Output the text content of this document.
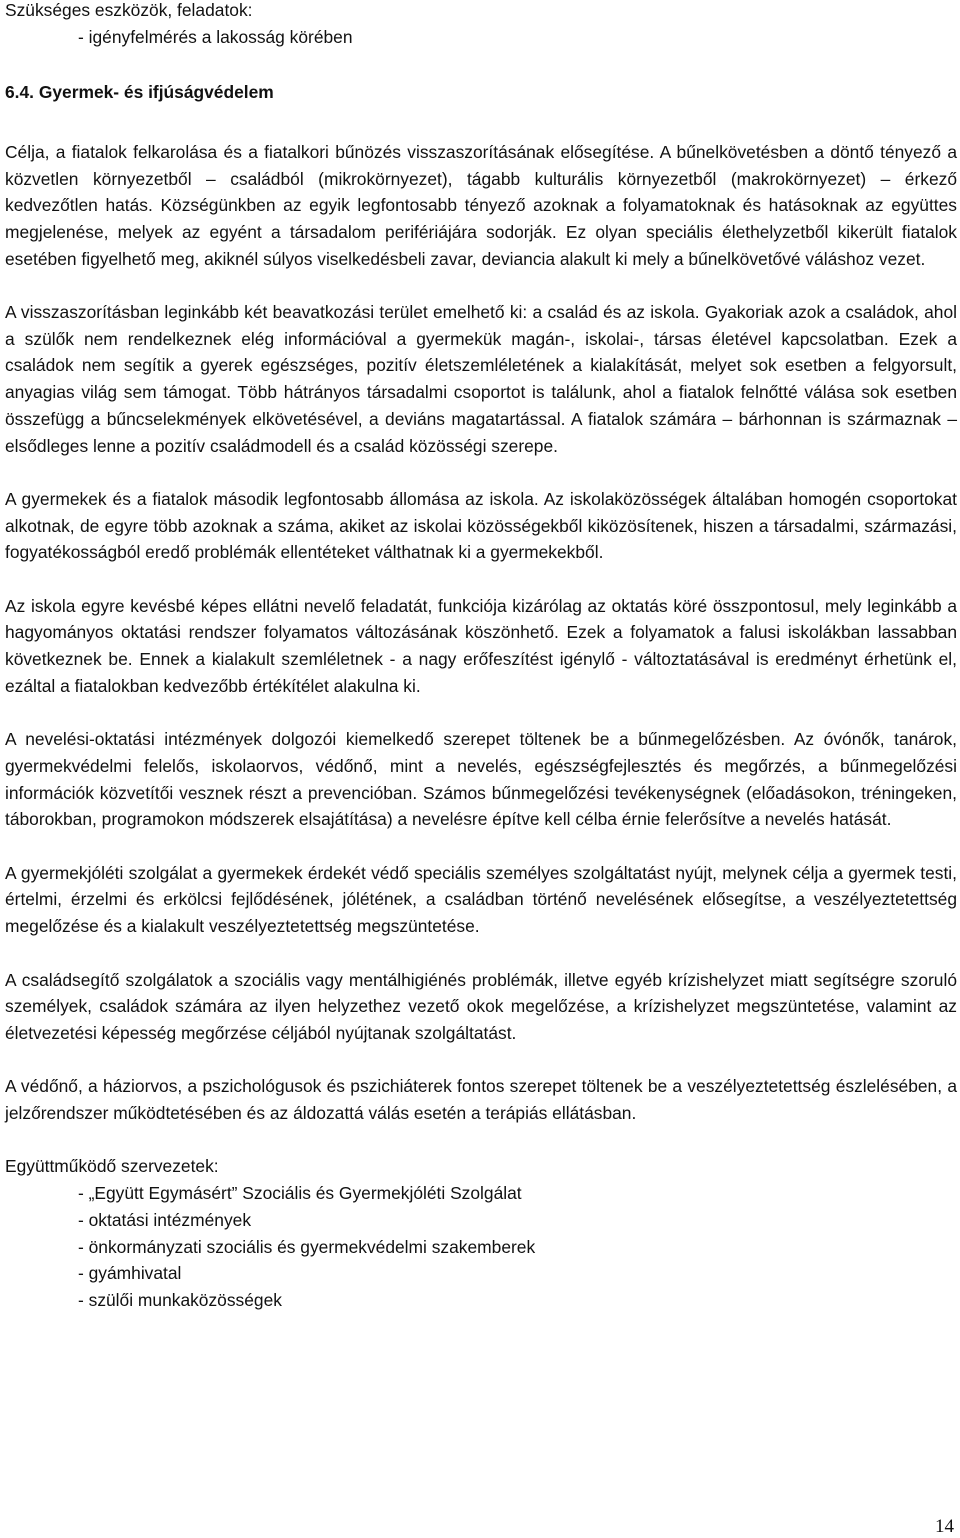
Szükséges eszközök, feladatok:

- igényfelmérés a lakosság körében

6.4. Gyermek- és ifjúságvédelem

Célja, a fiatalok felkarolása és a fiatalkori bűnözés visszaszorításának elősegítése. A bűnelkövetésben a döntő tényező a közvetlen környezetből – családból (mikrokörnyezet), tágabb kulturális környezetből (makrokörnyezet) – érkező kedvezőtlen hatás. Községünkben az egyik legfontosabb tényező azoknak a folyamatoknak és hatásoknak az együttes megjelenése, melyek az egyént a társadalom perifériájára sodorják. Ez olyan speciális élethelyzetből kikerült fiatalok esetében figyelhető meg, akiknél súlyos viselkedésbeli zavar, deviancia alakult ki mely a bűnelkövetővé váláshoz vezet.

A visszaszorításban leginkább két beavatkozási terület emelhető ki: a család és az iskola. Gyakoriak azok a családok, ahol a szülők nem rendelkeznek elég információval a gyermekük magán-, iskolai-, társas életével kapcsolatban. Ezek a családok nem segítik a gyerek egészséges, pozitív életszemléletének a kialakítását, melyet sok esetben a felgyorsult, anyagias világ sem támogat. Több hátrányos társadalmi csoportot is találunk, ahol a fiatalok felnőtté válása sok esetben összefügg a bűncselekmények elkövetésével, a deviáns magatartással. A fiatalok számára – bárhonnan is származnak – elsődleges lenne a pozitív családmodell és a család közösségi szerepe.

A gyermekek és a fiatalok második legfontosabb állomása az iskola. Az iskolaközösségek általában homogén csoportokat alkotnak, de egyre több azoknak a száma, akiket az iskolai közösségekből kiközösítenek, hiszen a társadalmi, származási, fogyatékosságból eredő problémák ellentéteket válthatnak ki a gyermekekből.

Az iskola egyre kevésbé képes ellátni nevelő feladatát, funkciója kizárólag az oktatás köré összpontosul, mely leginkább a hagyományos oktatási rendszer folyamatos változásának köszönhető. Ezek a folyamatok a falusi iskolákban lassabban következnek be. Ennek a kialakult szemléletnek - a nagy erőfeszítést igénylő - változtatásával is eredményt érhetünk el, ezáltal a fiatalokban kedvezőbb értékítélet alakulna ki.

A nevelési-oktatási intézmények dolgozói kiemelkedő szerepet töltenek be a bűnmegelőzésben. Az óvónők, tanárok, gyermekvédelmi felelős, iskolaorvos, védőnő, mint a nevelés, egészségfejlesztés és megőrzés, a bűnmegelőzési információk közvetítői vesznek részt a prevencióban. Számos bűnmegelőzési tevékenységnek (előadásokon, tréningeken, táborokban, programokon módszerek elsajátítása) a nevelésre építve kell célba érnie felerősítve a nevelés hatását.

A gyermekjóléti szolgálat a gyermekek érdekét védő speciális személyes szolgáltatást nyújt, melynek célja a gyermek testi, értelmi, érzelmi és erkölcsi fejlődésének, jólétének, a családban történő nevelésének elősegítse, a veszélyeztetettség megelőzése és a kialakult veszélyeztetettség megszüntetése.

A családsegítő szolgálatok a szociális vagy mentálhigiénés problémák, illetve egyéb krízishelyzet miatt segítségre szoruló személyek, családok számára az ilyen helyzethez vezető okok megelőzése, a krízishelyzet megszüntetése, valamint az életvezetési képesség megőrzése céljából nyújtanak szolgáltatást.

A védőnő, a háziorvos, a pszichológusok és pszichiáterek fontos szerepet töltenek be a veszélyeztetettség észlelésében, a jelzőrendszer működtetésében és az áldozattá válás esetén a terápiás ellátásban.

Együttműködő szervezetek:

- „Együtt Egymásért” Szociális és Gyermekjóléti Szolgálat

- oktatási intézmények

- önkormányzati szociális és gyermekvédelmi szakemberek

- gyámhivatal

- szülői munkaközösségek

14
